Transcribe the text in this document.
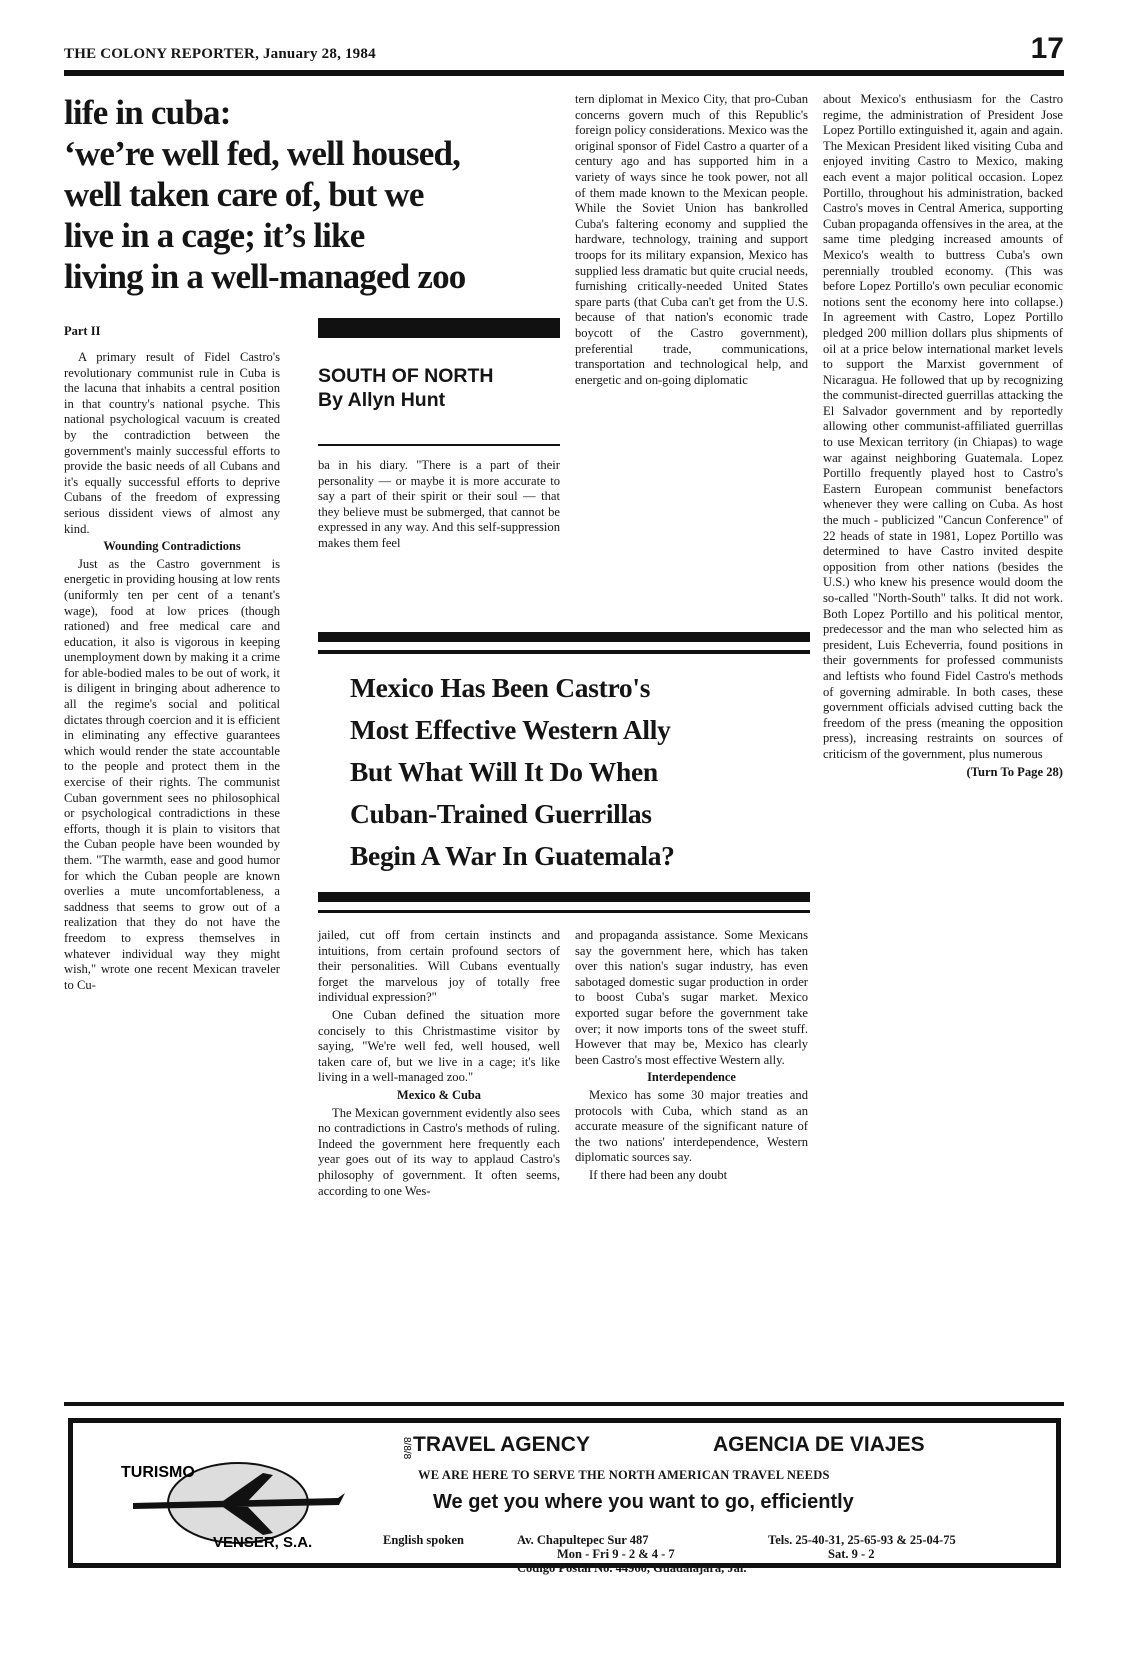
THE COLONY REPORTER, January 28, 1984	17
life in cuba:
‘we’re well fed, well housed,
well taken care of, but we
live in a cage; it’s like
living in a well-managed zoo
Part II

A primary result of Fidel Castro's revolutionary communist rule in Cuba is the lacuna that inhabits a central position in that country's national psyche. This national psychological vacuum is created by the contradiction between the government's mainly successful efforts to provide the basic needs of all Cubans and it's equally successful efforts to deprive Cubans of the freedom of expressing serious dissident views of almost any kind.

Wounding Contradictions

Just as the Castro government is energetic in providing housing at low rents (uniformly ten per cent of a tenant's wage), food at low prices (though rationed) and free medical care and education, it also is vigorous in keeping unemployment down by making it a crime for able-bodied males to be out of work, it is diligent in bringing about adherence to all the regime's social and political dictates through coercion and it is efficient in eliminating any effective guarantees which would render the state accountable to the people and protect them in the exercise of their rights. The communist Cuban government sees no philosophical or psychological contradictions in these efforts, though it is plain to visitors that the Cuban people have been wounded by them. "The warmth, ease and good humor for which the Cuban people are known overlies a mute uncomfortableness, a saddness that seems to grow out of a realization that they do not have the freedom to express themselves in whatever individual way they might wish," wrote one recent Mexican traveler to Cu-

SOUTH OF NORTH
By Allyn Hunt

ba in his diary. "There is a part of their personality — or maybe it is more accurate to say a part of their spirit or their soul — that they believe must be submerged, that cannot be expressed in any way. And this self-suppression makes them feel

tern diplomat in Mexico City, that pro-Cuban concerns govern much of this Republic's foreign policy considerations. Mexico was the original sponsor of Fidel Castro a quarter of a century ago and has supported him in a variety of ways since he took power, not all of them made known to the Mexican people. While the Soviet Union has bankrolled Cuba's faltering economy and supplied the hardware, technology, training and support troops for its military expansion, Mexico has supplied less dramatic but quite crucial needs, furnishing critically-needed United States spare parts (that Cuba can't get from the U.S. because of that nation's economic trade boycott of the Castro government), preferential trade, communications, transportation and technological help, and energetic and on-going diplomatic

Mexico Has Been Castro's
Most Effective Western Ally
But What Will It Do When
Cuban-Trained Guerrillas
Begin A War In Guatemala?

jailed, cut off from certain instincts and intuitions, from certain profound sectors of their personalities. Will Cubans eventually forget the marvelous joy of totally free individual expression?"

One Cuban defined the situation more concisely to this Christmastime visitor by saying, "We're well fed, well housed, well taken care of, but we live in a cage; it's like living in a well-managed zoo."

Mexico & Cuba

The Mexican government evidently also sees no contradictions in Castro's methods of ruling. Indeed the government here frequently each year goes out of its way to applaud Castro's philosophy of government. It often seems, according to one Wes-

and propaganda assistance. Some Mexicans say the government here, which has taken over this nation's sugar industry, has even sabotaged domestic sugar production in order to boost Cuba's sugar market. Mexico exported sugar before the government take over; it now imports tons of the sweet stuff. However that may be, Mexico has clearly been Castro's most effective Western ally.

Interdependence

Mexico has some 30 major treaties and protocols with Cuba, which stand as an accurate measure of the significant nature of the two nations' interdependence, Western diplomatic sources say.

If there had been any doubt

about Mexico's enthusiasm for the Castro regime, the administration of President Jose Lopez Portillo extinguished it, again and again. The Mexican President liked visiting Cuba and enjoyed inviting Castro to Mexico, making each event a major political occasion. Lopez Portillo, throughout his administration, backed Castro's moves in Central America, supporting Cuban propaganda offensives in the area, at the same time pledging increased amounts of Mexico's wealth to buttress Cuba's own perennially troubled economy. (This was before Lopez Portillo's own peculiar economic notions sent the economy here into collapse.) In agreement with Castro, Lopez Portillo pledged 200 million dollars plus shipments of oil at a price below international market levels to support the Marxist government of Nicaragua. He followed that up by recognizing the communist-directed guerrillas attacking the El Salvador government and by reportedly allowing other communist-affiliated guerrillas to use Mexican territory (in Chiapas) to wage war against neighboring Guatemala. Lopez Portillo frequently played host to Castro's Eastern European communist benefactors whenever they were calling on Cuba. As host the much - publicized "Cancun Conference" of 22 heads of state in 1981, Lopez Portillo was determined to have Castro invited despite opposition from other nations (besides the U.S.) who knew his presence would doom the so-called "North-South" talks. It did not work. Both Lopez Portillo and his political mentor, predecessor and the man who selected him as president, Luis Echeverria, found positions in their governments for professed communists and leftists who found Fidel Castro's methods of governing admirable. In both cases, these government officials advised cutting back the freedom of the press (meaning the opposition press), increasing restraints on sources of criticism of the government, plus numerous

(Turn To Page 28)

TURISMO
VENSER, S.A.
8/8/8 TRAVEL AGENCY	AGENCIA DE VIAJES
WE ARE HERE TO SERVE THE NORTH AMERICAN TRAVEL NEEDS
We get you where you want to go, efficiently
English spoken	Av. Chapultepec Sur 487
Mon - Fri 9 - 2 & 4 - 7
Codigo Postal No. 44960, Guadalajara, Jal.
Tels. 25-40-31, 25-65-93 & 25-04-75
Sat. 9 - 2
